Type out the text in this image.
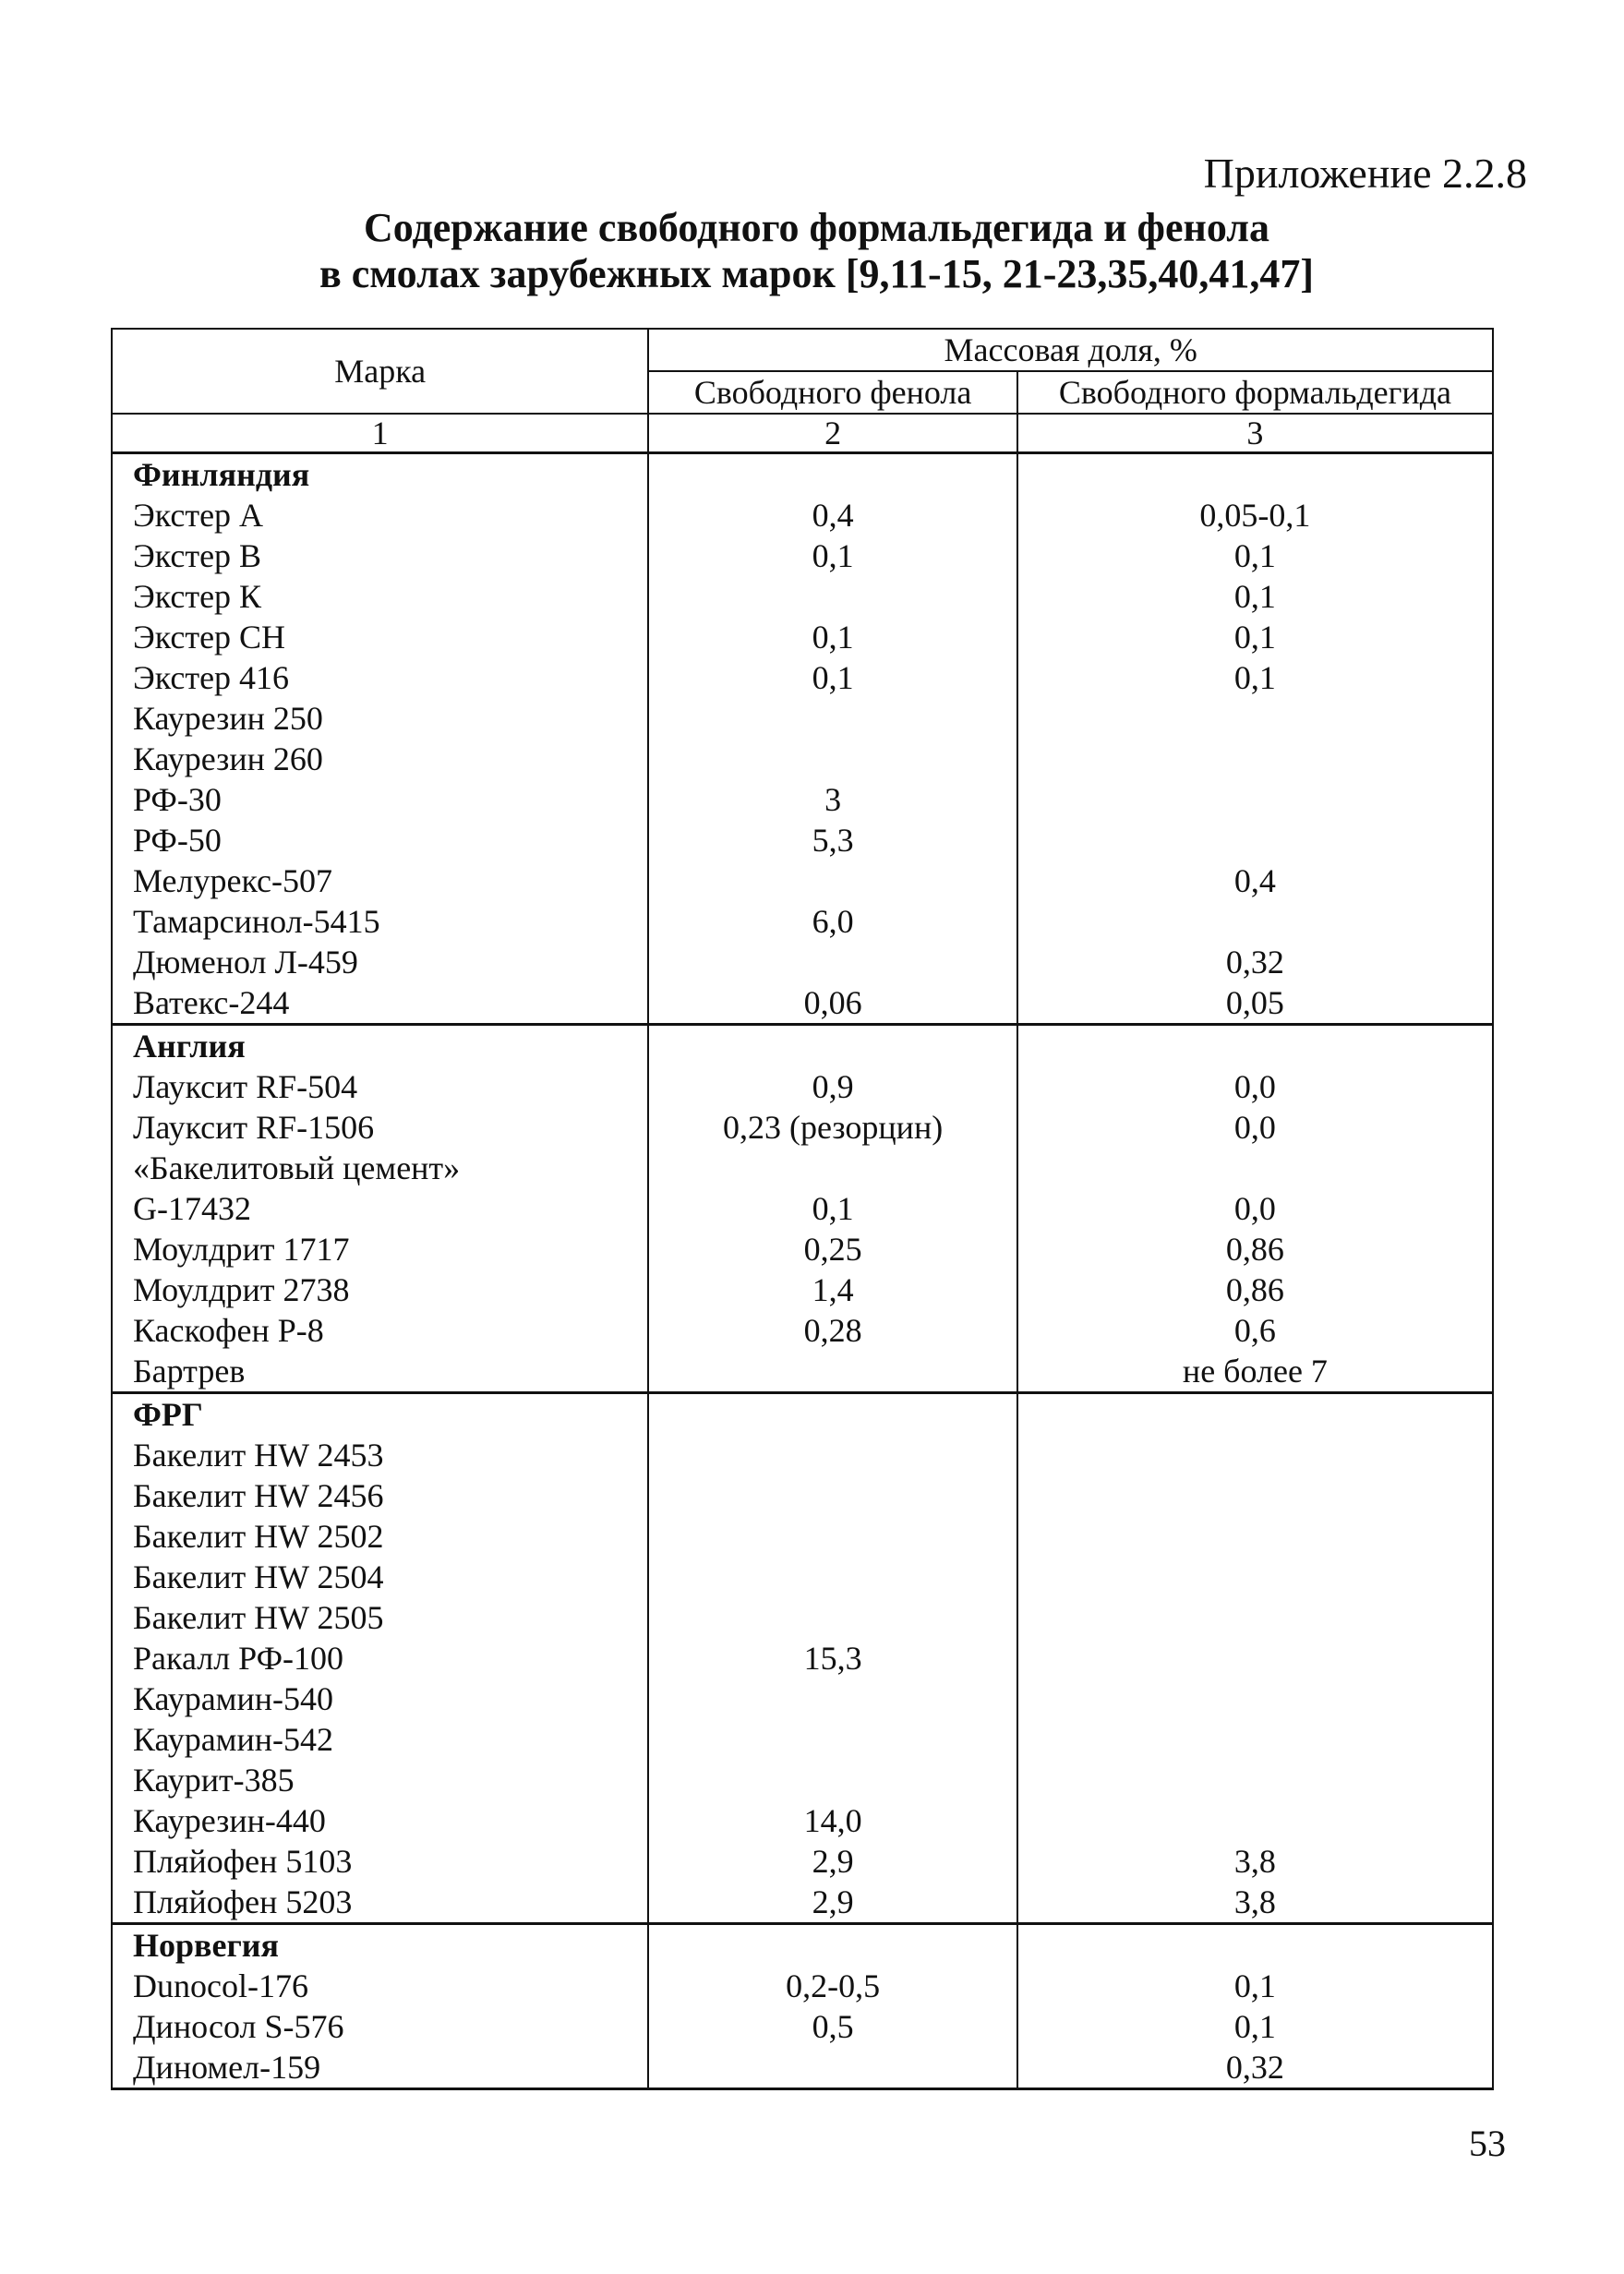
Приложение 2.2.8
Содержание свободного формальдегида и фенола
в смолах зарубежных марок [9,11-15, 21-23,35,40,41,47]
Марка	Массовая доля, %	
	Свободного фенола	Свободного формальдегида
1	2	3
Финляндия		
Экстер А	0,4	0,05-0,1
Экстер В	0,1	0,1
Экстер К		0,1
Экстер СН	0,1	0,1
Экстер 416	0,1	0,1
Каурезин 250		
Каурезин 260		
РФ-30	3	
РФ-50	5,3	
Мелурекс-507		0,4
Тамарсинол-5415	6,0	
Дюменол Л-459		0,32
Ватекс-244	0,06	0,05
Англия		
Лауксит RF-504	0,9	0,0
Лауксит RF-1506	0,23 (резорцин)	0,0
«Бакелитовый цемент»		
G-17432	0,1	0,0
Моулдрит 1717	0,25	0,86
Моулдрит 2738	1,4	0,86
Каскофен Р-8	0,28	0,6
Бартрев		не более 7
ФРГ		
Бакелит HW 2453		
Бакелит HW 2456		
Бакелит HW 2502		
Бакелит HW 2504		
Бакелит HW 2505		
Ракалл РФ-100	15,3	
Каурамин-540		
Каурамин-542		
Каурит-385		
Каурезин-440	14,0	
Пляйофен 5103	2,9	3,8
Пляйофен 5203	2,9	3,8
Норвегия		
Dunocol-176	0,2-0,5	0,1
Диносол S-576	0,5	0,1
Диномел-159		0,32
53
